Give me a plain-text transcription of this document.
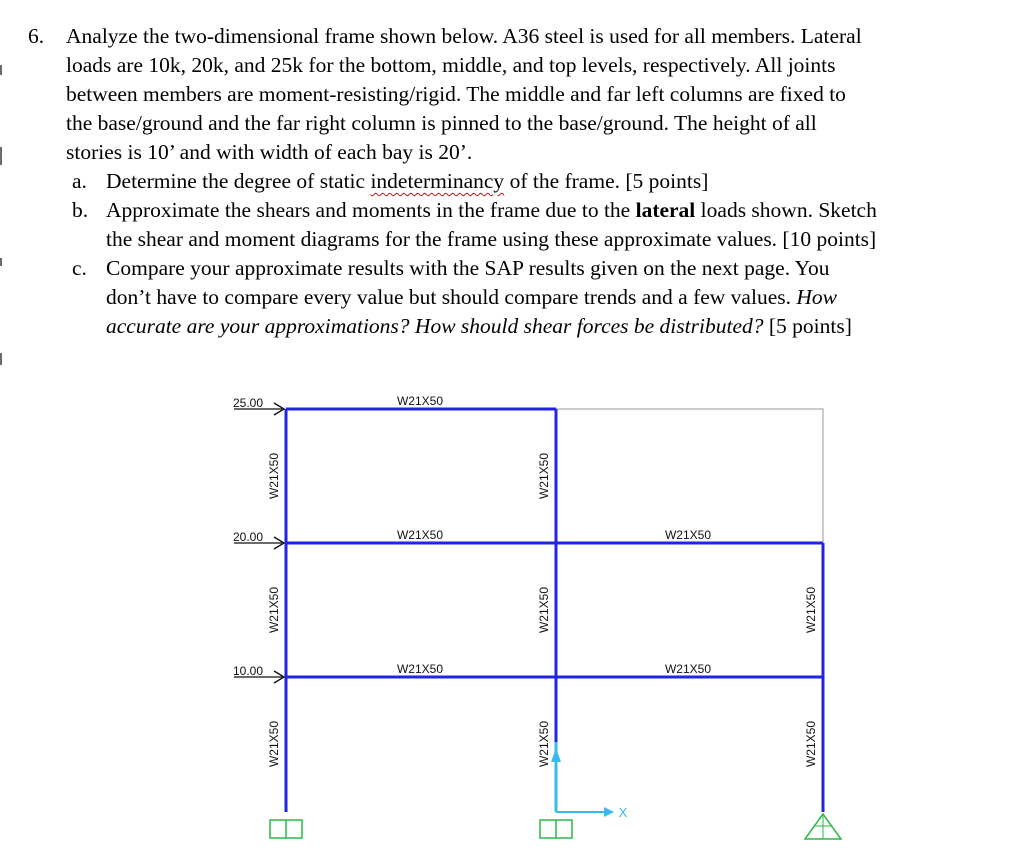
6. Analyze the two-dimensional frame shown below. A36 steel is used for all members. Lateral
loads are 10k, 20k, and 25k for the bottom, middle, and top levels, respectively. All joints
between members are moment-resisting/rigid. The middle and far left columns are fixed to
the base/ground and the far right column is pinned to the base/ground. The height of all
stories is 10’ and with width of each bay is 20’.
a. Determine the degree of static indeterminancy of the frame. [5 points]
b. Approximate the shears and moments in the frame due to the lateral loads shown. Sketch
the shear and moment diagrams for the frame using these approximate values. [10 points]
c. Compare your approximate results with the SAP results given on the next page. You
don’t have to compare every value but should compare trends and a few values. How
accurate are your approximations? How should shear forces be distributed? [5 points]
X
25.00
20.00
10.00
W21X50
W21X50	W21X50
W21X50	W21X50
W21X50
W21X50
W21X50
W21X50
W21X50
W21X50
W21X50
W21X50
